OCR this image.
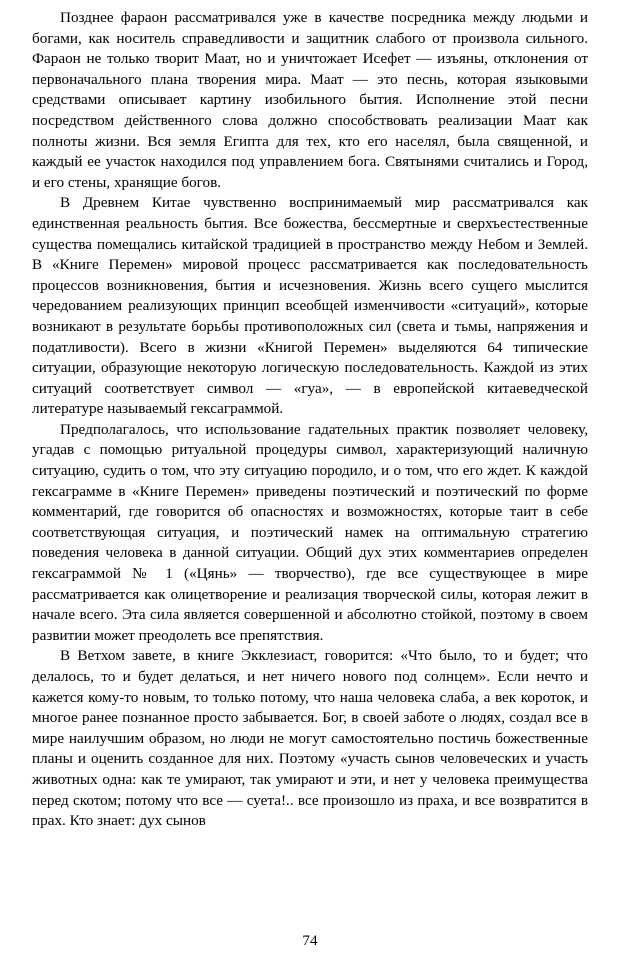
Позднее фараон рассматривался уже в качестве посредника между людьми и богами, как носитель справедливости и защитник слабого от произвола сильного. Фараон не только творит Маат, но и уничтожает Исефет — изъяны, отклонения от первоначального плана творения мира. Маат — это песнь, которая языковыми средствами описывает картину изобильного бытия. Исполнение этой песни посредством действенного слова должно способствовать реализации Маат как полноты жизни. Вся земля Египта для тех, кто его населял, была священной, и каждый ее участок находился под управлением бога. Святынями считались и Город, и его стены, хранящие богов.

В Древнем Китае чувственно воспринимаемый мир рассматривался как единственная реальность бытия. Все божества, бессмертные и сверхъестественные существа помещались китайской традицией в пространство между Небом и Землей. В «Книге Перемен» мировой процесс рассматривается как последовательность процессов возникновения, бытия и исчезновения. Жизнь всего сущего мыслится чередованием реализующих принцип всеобщей изменчивости «ситуаций», которые возникают в результате борьбы противоположных сил (света и тьмы, напряжения и податливости). Всего в жизни «Книгой Перемен» выделяются 64 типические ситуации, образующие некоторую логическую последовательность. Каждой из этих ситуаций соответствует символ — «гуа», — в европейской китаеведческой литературе называемый гексаграммой.

Предполагалось, что использование гадательных практик позволяет человеку, угадав с помощью ритуальной процедуры символ, характеризующий наличную ситуацию, судить о том, что эту ситуацию породило, и о том, что его ждет. К каждой гексаграмме в «Книге Перемен» приведены поэтический и поэтический по форме комментарий, где говорится об опасностях и возможностях, которые таит в себе соответствующая ситуация, и поэтический намек на оптимальную стратегию поведения человека в данной ситуации. Общий дух этих комментариев определен гексаграммой № 1 («Цянь» — творчество), где все существующее в мире рассматривается как олицетворение и реализация творческой силы, которая лежит в начале всего. Эта сила является совершенной и абсолютно стойкой, поэтому в своем развитии может преодолеть все препятствия.

В Ветхом завете, в книге Экклезиаст, говорится: «Что было, то и будет; что делалось, то и будет делаться, и нет ничего нового под солнцем». Если нечто и кажется кому-то новым, то только потому, что наша человека слаба, а век короток, и многое ранее познанное просто забывается. Бог, в своей заботе о людях, создал все в мире наилучшим образом, но люди не могут самостоятельно постичь божественные планы и оценить созданное для них. Поэтому «участь сынов человеческих и участь животных одна: как те умирают, так умирают и эти, и нет у человека преимущества перед скотом; потому что все — суета!.. все произошло из праха, и все возвратится в прах. Кто знает: дух сынов

74
